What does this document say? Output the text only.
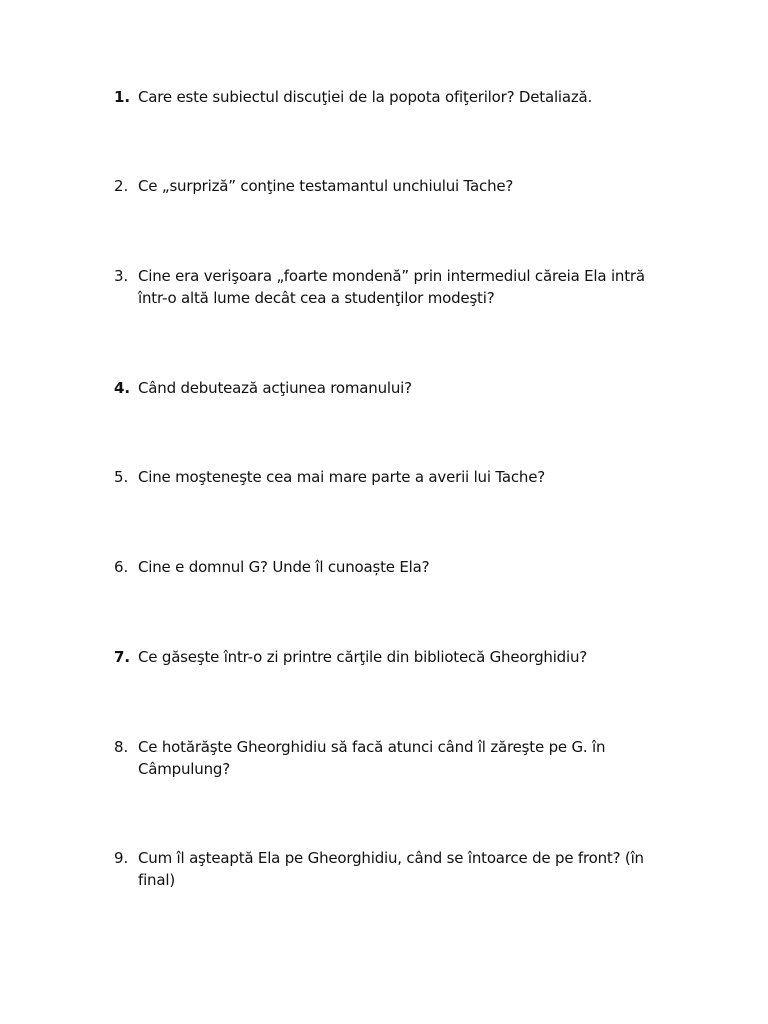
1. Care este subiectul discuţiei de la popota ofiţerilor? Detaliază.
2. Ce „surpriză” conţine testamantul unchiului Tache?
3. Cine era verişoara „foarte mondenă” prin intermediul căreia Ela intră într-o altă lume decât cea a studenţilor modeşti?
4. Când debutează acţiunea romanului?
5. Cine moşteneşte cea mai mare parte a averii lui Tache?
6. Cine e domnul G? Unde îl cunoaște Ela?
7. Ce găseşte într-o zi printre cărţile din bibliotecă Gheorghidiu?
8. Ce hotărăşte Gheorghidiu să facă atunci când îl zăreşte pe G. în Câmpulung?
9. Cum îl aşteaptă Ela pe Gheorghidiu, când se întoarce de pe front? (în final)
